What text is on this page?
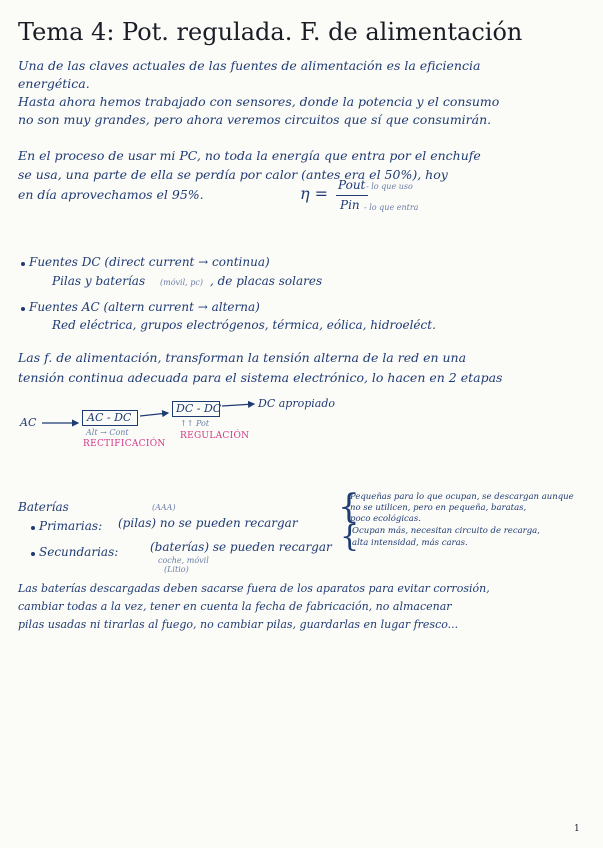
Tema 4: Pot. regulada. F. de alimentación
Una de las claves actuales de las fuentes de alimentación es la eficiencia
energética.
Hasta ahora hemos trabajado con sensores, donde la potencia y el consumo
no son muy grandes, pero ahora veremos circuitos que sí que consumirán.
En el proceso de usar mi PC, no toda la energía que entra por el enchufe
se usa, una parte de ella se perdía por calor (antes era el 50%), hoy
en día aprovechamos el 95%.	η = Pout - lo que uso
Pin - lo que entra
Fuentes DC (direct current → continua)
Pilas y baterías (móvil, pc) , de placas solares
Fuentes AC (altern current → alterna)
Red eléctrica, grupos electrógenos, térmica, eólica, hidroeléct.
Las f. de alimentación, transforman la tensión alterna de la red en una
tensión continua adecuada para el sistema electrónico, lo hacen en 2 etapas
AC	AC - DC
Alt → Cont
RECTIFICACIÓN
DC - DC
↑↑ Pot
REGULACIÓN
DC apropiado
Baterías
Primarias:
(AAA)
(pilas) no se pueden recargar {
Pequeñas para lo que ocupan, se descargan aunque
no se utilicen, pero en pequeña, baratas,
poco ecológicas.
Secundarias:	(baterías) se pueden recargar
coche, móvil
(Litio)
{
Ocupan más, necesitan circuito de recarga,
alta intensidad, más caras.
Las baterías descargadas deben sacarse fuera de los aparatos para evitar corrosión,
cambiar todas a la vez, tener en cuenta la fecha de fabricación, no almacenar
pilas usadas ni tirarlas al fuego, no cambiar pilas, guardarlas en lugar fresco...
1
